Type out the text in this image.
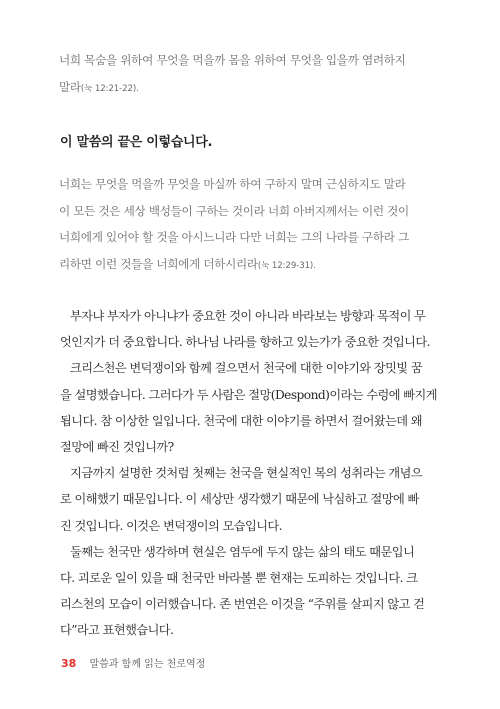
너희 목숨을 위하여 무엇을 먹을까 몸을 위하여 무엇을 입을까 염려하지
말라(눅 12:21-22).
이 말씀의 끝은 이렇습니다.
너희는 무엇을 먹을까 무엇을 마실까 하여 구하지 말며 근심하지도 말라
이 모든 것은 세상 백성들이 구하는 것이라 너희 아버지께서는 이런 것이
너희에게 있어야 할 것을 아시느니라 다만 너희는 그의 나라를 구하라 그
리하면 이런 것들을 너희에게 더하시리라(눅 12:29-31).
부자냐 부자가 아니냐가 중요한 것이 아니라 바라보는 방향과 목적이 무
엇인지가 더 중요합니다. 하나님 나라를 향하고 있는가가 중요한 것입니다.
크리스천은 변덕쟁이와 함께 걸으면서 천국에 대한 이야기와 장밋빛 꿈
을 설명했습니다. 그러다가 두 사람은 절망(Despond)이라는 수렁에 빠지게
됩니다. 참 이상한 일입니다. 천국에 대한 이야기를 하면서 걸어왔는데 왜
절망에 빠진 것입니까?
지금까지 설명한 것처럼 첫째는 천국을 현실적인 복의 성취라는 개념으
로 이해했기 때문입니다. 이 세상만 생각했기 때문에 낙심하고 절망에 빠
진 것입니다. 이것은 변덕쟁이의 모습입니다.
둘째는 천국만 생각하며 현실은 염두에 두지 않는 삶의 태도 때문입니
다. 괴로운 일이 있을 때 천국만 바라볼 뿐 현재는 도피하는 것입니다. 크
리스천의 모습이 이러했습니다. 존 번연은 이것을 “주위를 살피지 않고 걷
다”라고 표현했습니다.
38 말씀과 함께 읽는 천로역정
